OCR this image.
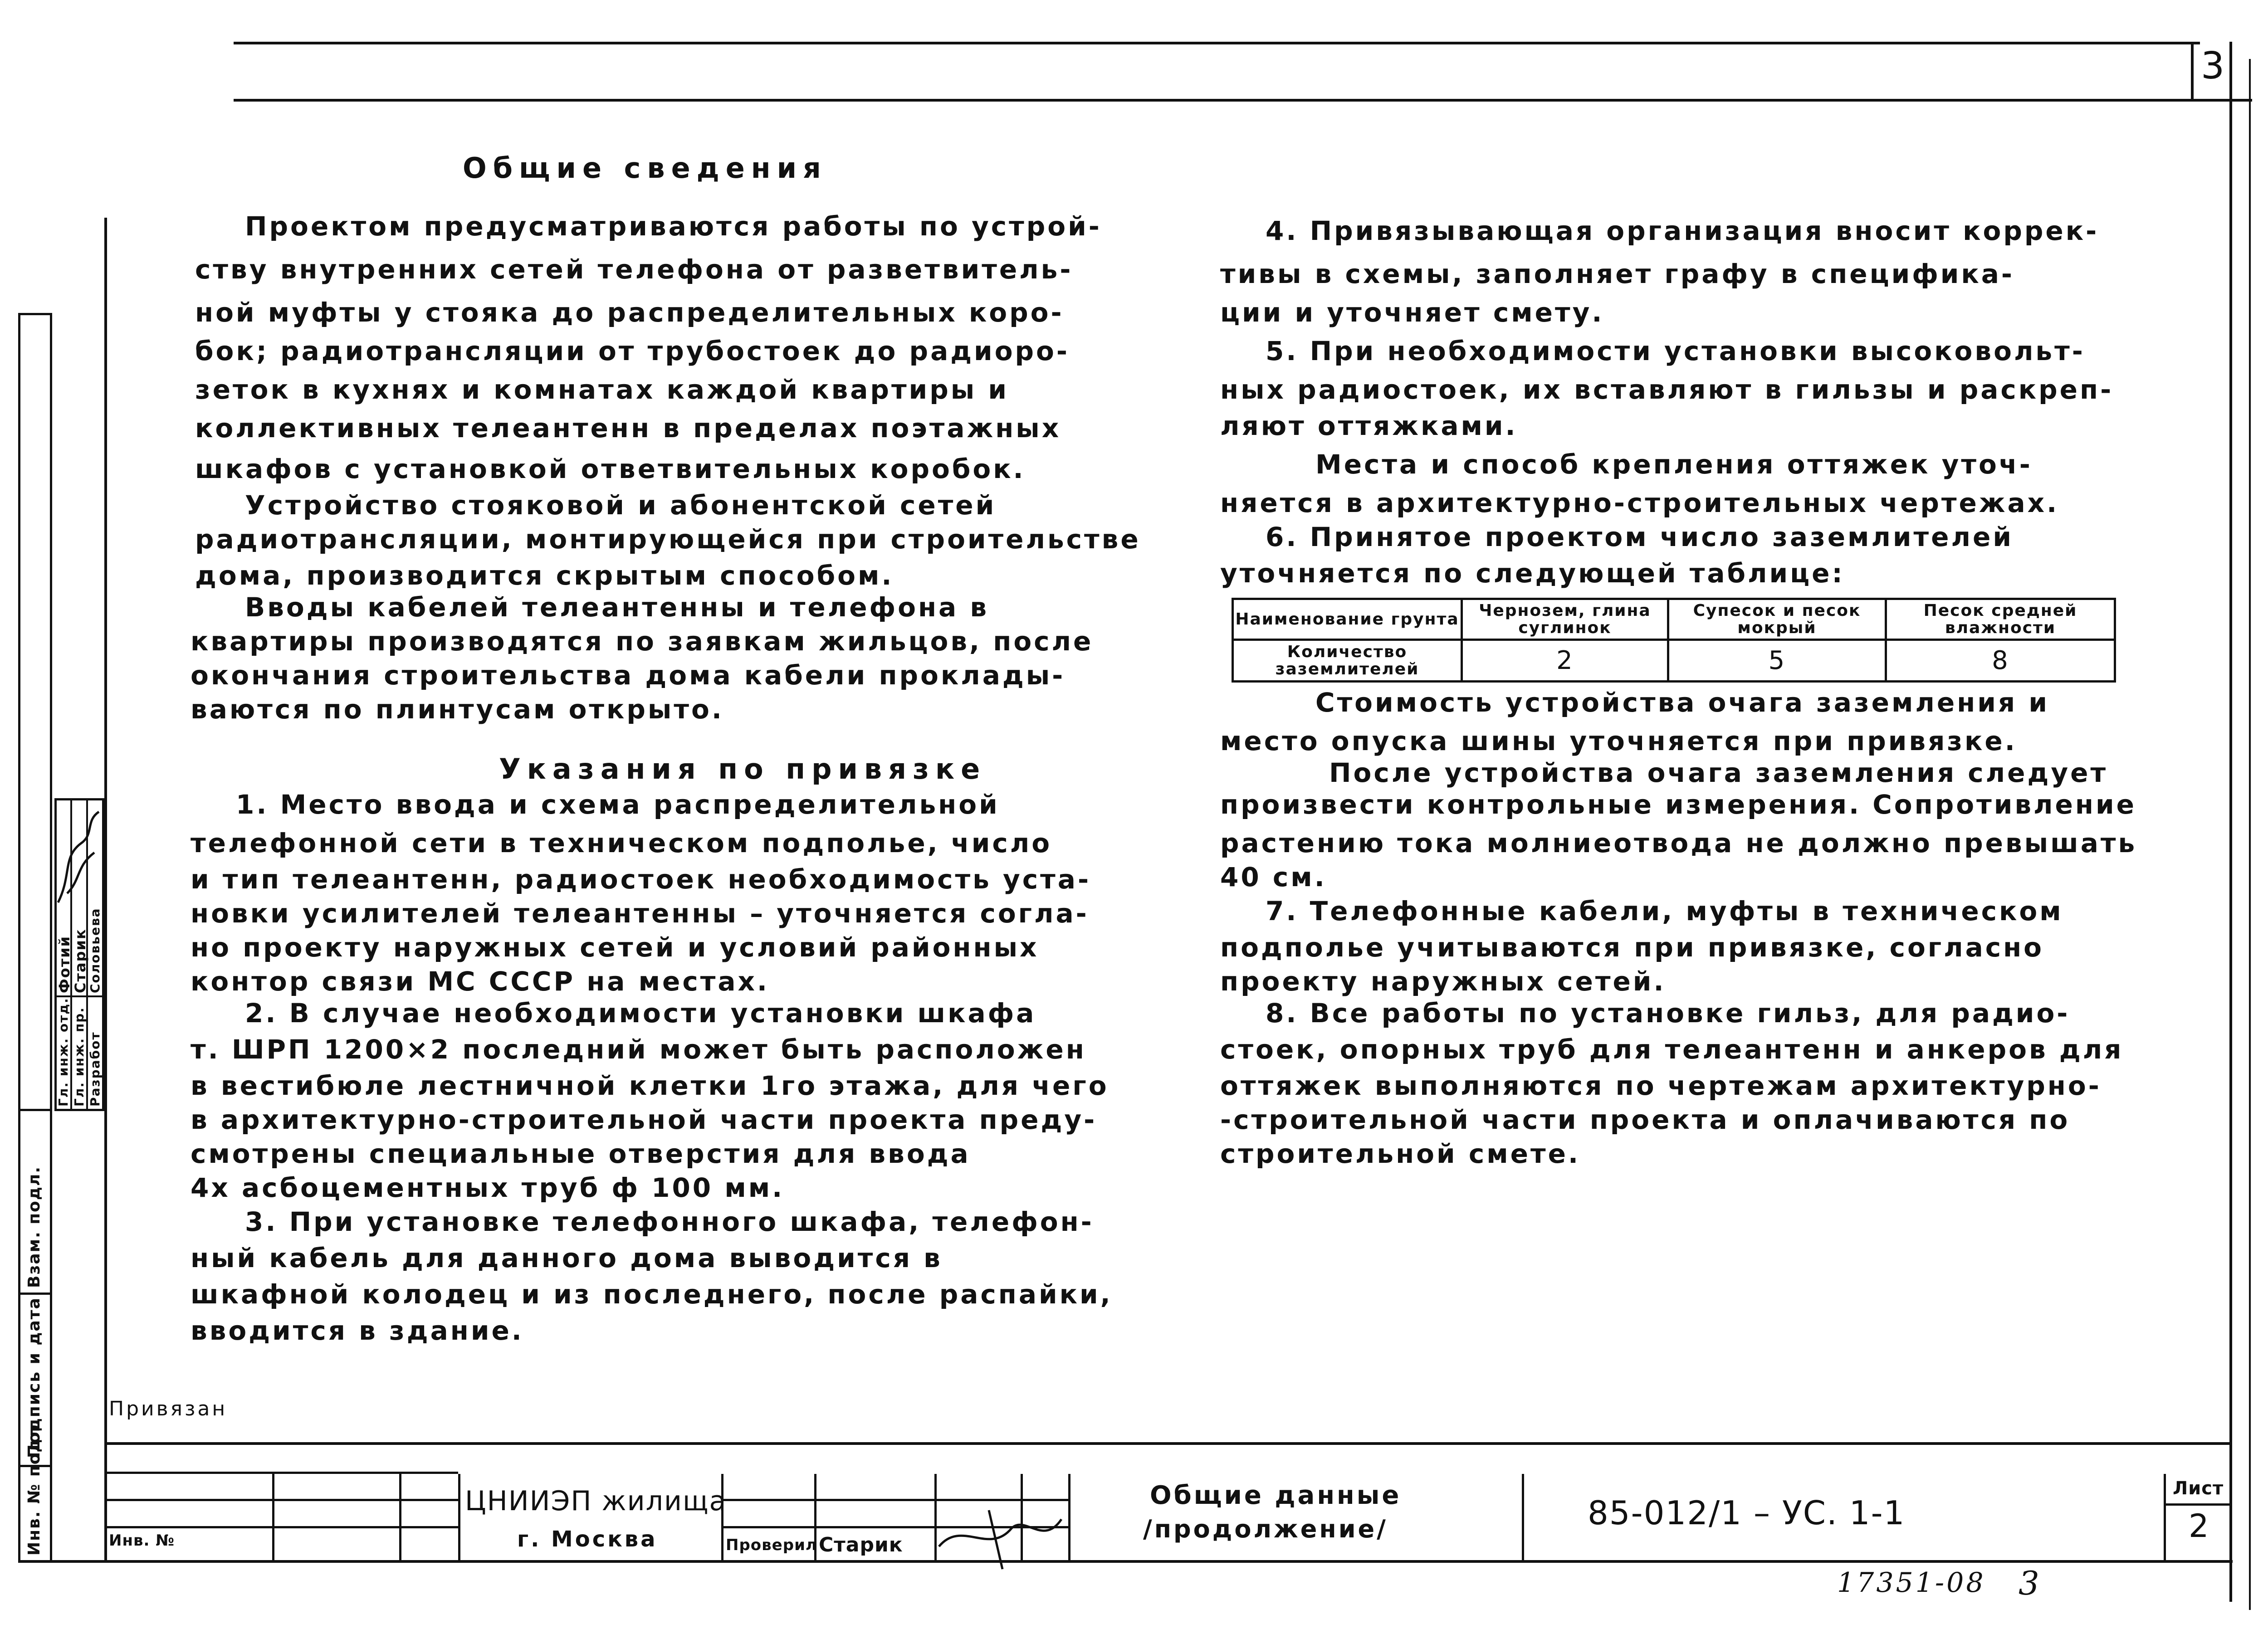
3
Общие сведения
Проектом предусматриваются работы по устрой-
ству внутренних сетей телефона от разветвитель-
ной муфты у стояка до распределительных коро-
бок; радиотрансляции от трубостоек до радиоро-
зеток в кухнях и комнатах каждой квартиры и
коллективных телеантенн в пределах поэтажных
шкафов с установкой ответвительных коробок.
Устройство стояковой и абонентской сетей
радиотрансляции, монтирующейся при строительстве
дома, производится скрытым способом.
Вводы кабелей телеантенны и телефона в
квартиры производятся по заявкам жильцов, после
окончания строительства дома кабели проклады-
ваются по плинтусам открыто.
Указания по привязке
1. Место ввода и схема распределительной
телефонной сети в техническом подполье, число
и тип телеантенн, радиостоек необходимость уста-
новки усилителей телеантенны – уточняется согла-
но проекту наружных сетей и условий районных
контор связи МС СССР на местах.
2. В случае необходимости установки шкафа
т. ШРП 1200×2 последний может быть расположен
в вестибюле лестничной клетки 1го этажа, для чего
в архитектурно-строительной части проекта преду-
смотрены специальные отверстия для ввода
4х асбоцементных труб ф 100 мм.
3. При установке телефонного шкафа, телефон-
ный кабель для данного дома выводится в
шкафной колодец и из последнего, после распайки,
вводится в здание.
4. Привязывающая организация вносит коррек-
тивы в схемы, заполняет графу в специфика-
ции и уточняет смету.
5. При необходимости установки высоковольт-
ных радиостоек, их вставляют в гильзы и раскреп-
ляют оттяжками.
Места и способ крепления оттяжек уточ-
няется в архитектурно-строительных чертежах.
6. Принятое проектом число заземлителей
уточняется по следующей таблице:
Наименование грунта	Чернозем, глина суглинок	Супесок и песок мокрый	Песок средней влажности
Количество заземлителей	2	5	8
Стоимость устройства очага заземления и
место опуска шины уточняется при привязке.
После устройства очага заземления следует
произвести контрольные измерения. Сопротивление
растению тока молниеотвода не должно превышать
40 см.
7. Телефонные кабели, муфты в техническом
подполье учитываются при привязке, согласно
проекту наружных сетей.
8. Все работы по установке гильз, для радио-
стоек, опорных труб для телеантенн и анкеров для
оттяжек выполняются по чертежам архитектурно-
-строительной части проекта и оплачиваются по
строительной смете.
Инв. № подл.
Подпись и дата
Взам. подл.
Гл. инж. отд. Гл. инж. пр. Разработ
Фотий
Старик
Соловьева
Привязан
Инв. №
ЦНИИЭП жилища
г. Москва	Проверил Старик
Общие данные
/продолжение/	85-012/1 – УС. 1-1
Лист
2
17351-08 3
